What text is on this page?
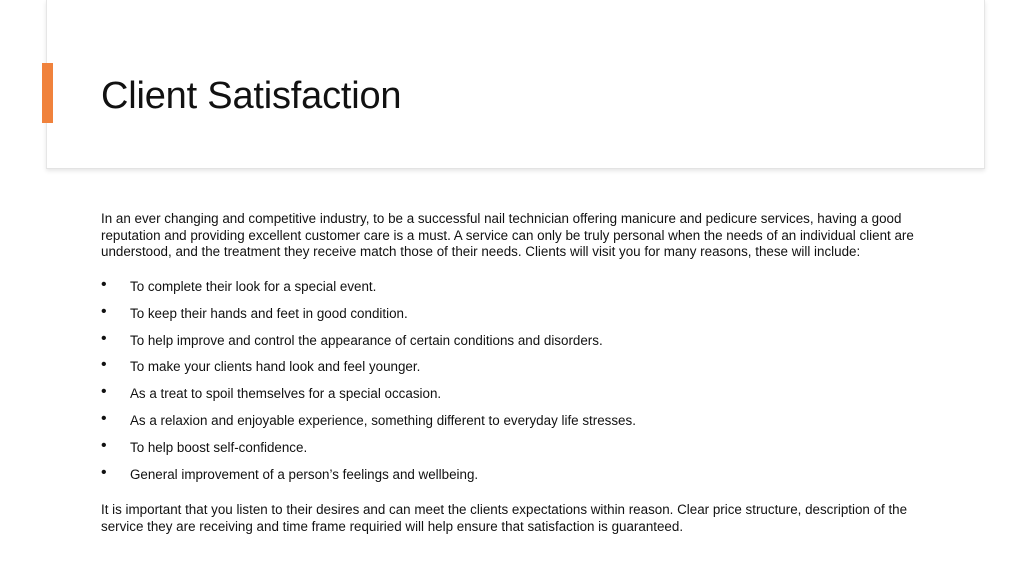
Client Satisfaction

In an ever changing and competitive industry, to be a successful nail technician offering manicure and pedicure services, having a good reputation and providing excellent customer care is a must. A service can only be truly personal when the needs of an individual client are understood, and the treatment they receive match those of their needs. Clients will visit you for many reasons, these will include:

• To complete their look for a special event.
• To keep their hands and feet in good condition.
• To help improve and control the appearance of certain conditions and disorders.
• To make your clients hand look and feel younger.
• As a treat to spoil themselves for a special occasion.
• As a relaxion and enjoyable experience, something different to everyday life stresses.
• To help boost self-confidence.
• General improvement of a person’s feelings and wellbeing.

It is important that you listen to their desires and can meet the clients expectations within reason. Clear price structure, description of the service they are receiving and time frame requiried will help ensure that satisfaction is guaranteed.
